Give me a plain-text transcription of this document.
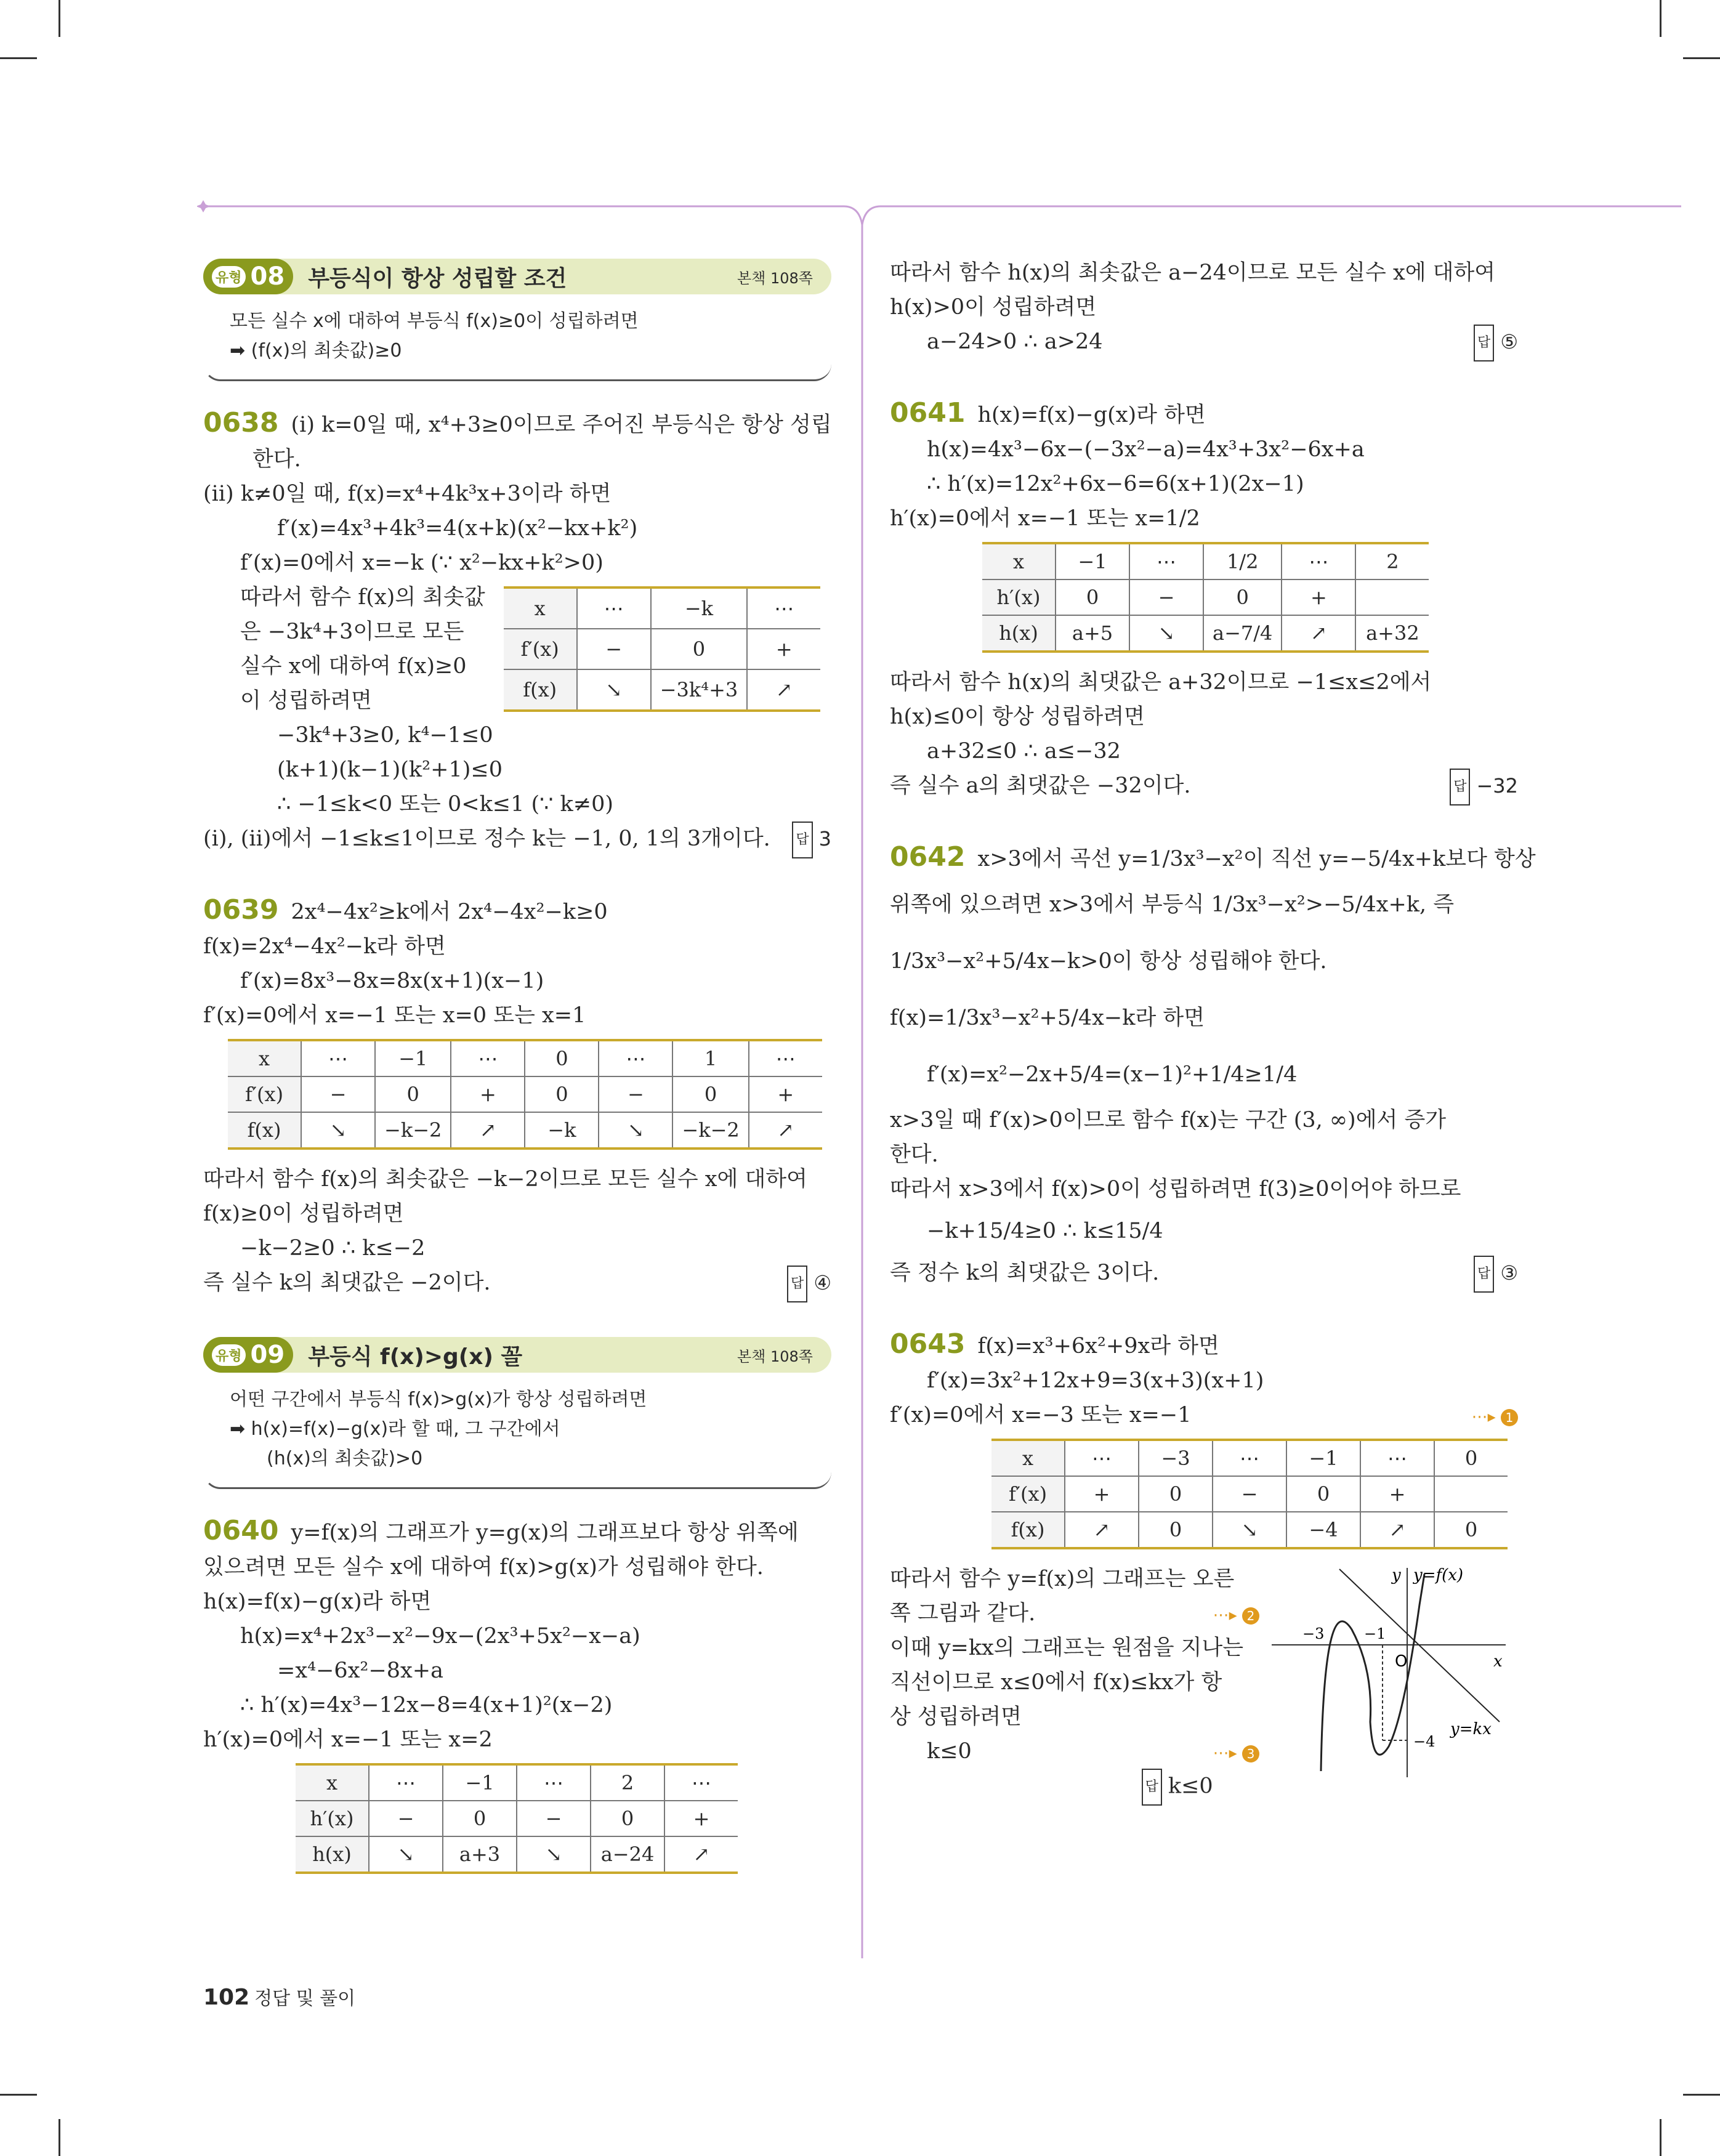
유형 08 부등식이 항상 성립할 조건	본책 108쪽

모든 실수 x에 대하여 부등식 f(x)≥0이 성립하려면

➡ (f(x)의 최솟값)≥0

0638 (i) k=0일 때, x⁴+3≥0이므로 주어진 부등식은 항상 성립

한다.

(ii) k≠0일 때, f(x)=x⁴+4k³x+3이라 하면

f′(x)=4x³+4k³=4(x+k)(x²−kx+k²)

f′(x)=0에서 x=−k (∵ x²−kx+k²>0)

따라서 함수 f(x)의 최솟값

은 −3k⁴+3이므로 모든

실수 x에 대하여 f(x)≥0

이 성립하려면

x	⋯	−k	⋯
f′(x)	−	0	+
f(x)	↘	−3k⁴+3	↗

−3k⁴+3≥0, k⁴−1≤0

(k+1)(k−1)(k²+1)≤0

∴ −1≤k<0 또는 0<k≤1 (∵ k≠0)

(i), (ii)에서 −1≤k≤1이므로 정수 k는 −1, 0, 1의 3개이다. 답 3

0639 2x⁴−4x²≥k에서 2x⁴−4x²−k≥0

f(x)=2x⁴−4x²−k라 하면

f′(x)=8x³−8x=8x(x+1)(x−1)

f′(x)=0에서 x=−1 또는 x=0 또는 x=1

x	⋯	−1	⋯	0	⋯	1	⋯
f′(x)	−	0	+	0	−	0	+
f(x)	↘	−k−2	↗	−k	↘	−k−2	↗

따라서 함수 f(x)의 최솟값은 −k−2이므로 모든 실수 x에 대하여

f(x)≥0이 성립하려면

−k−2≥0 ∴ k≤−2

즉 실수 k의 최댓값은 −2이다.	답 ④

유형 09 부등식 f(x)>g(x) 꼴	본책 108쪽

어떤 구간에서 부등식 f(x)>g(x)가 항상 성립하려면

➡ h(x)=f(x)−g(x)라 할 때, 그 구간에서

(h(x)의 최솟값)>0

0640 y=f(x)의 그래프가 y=g(x)의 그래프보다 항상 위쪽에

있으려면 모든 실수 x에 대하여 f(x)>g(x)가 성립해야 한다.

h(x)=f(x)−g(x)라 하면

h(x)=x⁴+2x³−x²−9x−(2x³+5x²−x−a)

=x⁴−6x²−8x+a

∴ h′(x)=4x³−12x−8=4(x+1)²(x−2)

h′(x)=0에서 x=−1 또는 x=2

x	⋯	−1	⋯	2	⋯
h′(x)	−	0	−	0	+
h(x)	↘	a+3	↘	a−24	↗

따라서 함수 h(x)의 최솟값은 a−24이므로 모든 실수 x에 대하여

h(x)>0이 성립하려면

a−24>0 ∴ a>24	답 ⑤

0641 h(x)=f(x)−g(x)라 하면

h(x)=4x³−6x−(−3x²−a)=4x³+3x²−6x+a

∴ h′(x)=12x²+6x−6=6(x+1)(2x−1)

h′(x)=0에서 x=−1 또는 x=1/2

x	−1	⋯	1/2	⋯	2
h′(x)	0	−	0	+	
h(x)	a+5	↘	a−7/4	↗	a+32

따라서 함수 h(x)의 최댓값은 a+32이므로 −1≤x≤2에서

h(x)≤0이 항상 성립하려면

a+32≤0 ∴ a≤−32

즉 실수 a의 최댓값은 −32이다.	답 −32

0642 x>3에서 곡선 y=1/3x³−x²이 직선 y=−5/4x+k보다 항상

위쪽에 있으려면 x>3에서 부등식 1/3x³−x²>−5/4x+k, 즉

1/3x³−x²+5/4x−k>0이 항상 성립해야 한다.

f(x)=1/3x³−x²+5/4x−k라 하면

f′(x)=x²−2x+5/4=(x−1)²+1/4≥1/4

x>3일 때 f′(x)>0이므로 함수 f(x)는 구간 (3, ∞)에서 증가

한다.

따라서 x>3에서 f(x)>0이 성립하려면 f(3)≥0이어야 하므로

−k+15/4≥0 ∴ k≤15/4

즉 정수 k의 최댓값은 3이다.	답 ③

0643 f(x)=x³+6x²+9x라 하면

f′(x)=3x²+12x+9=3(x+3)(x+1)

f′(x)=0에서 x=−3 또는 x=−1	⋯▸ 1

x	⋯	−3	⋯	−1	⋯	0
f′(x)	+	0	−	0	+	
f(x)	↗	0	↘	−4	↗	0

따라서 함수 y=f(x)의 그래프는 오른

쪽 그림과 같다.	⋯▸ 2

이때 y=kx의 그래프는 원점을 지나는

직선이므로 x≤0에서 f(x)≤kx가 항

상 성립하려면

k≤0	⋯▸ 3

답 k≤0

y y=f(x)
x
O
y=kx
−3	−1
−4
102 정답 및 풀이
